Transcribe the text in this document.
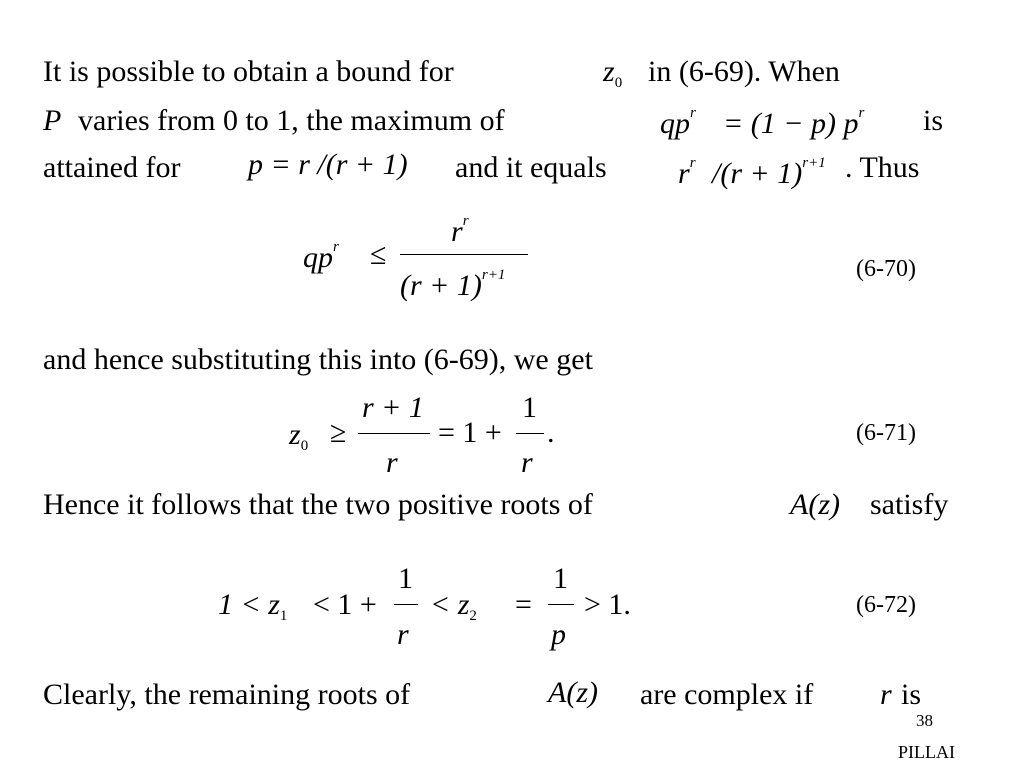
It is possible to obtain a bound for	$z_0$ in (6-69). When
P varies from 0 to 1, the maximum of	$qp^r = (1 - p)$ $p^r$ is
attained for p = r /(r + 1) and it equals $r^r$ $/(r + 1)^{r+1}$ . Thus
$qp^r$ ≤
$r^r$
$(r + 1)^{r+1}$	(6-70)
and hence substituting this into (6-69), we get
$z_0$ ≥
r + 1
r
= 1 +
1
r
.	(6-71)
Hence it follows that the two positive roots of	A(z) satisfy
$1 < z_1 < 1$ +
1
r
< $z_2$ =
1
p
> 1.	(6-72)
Clearly, the remaining roots of	A(z) are complex if r is
38
PILLAI
